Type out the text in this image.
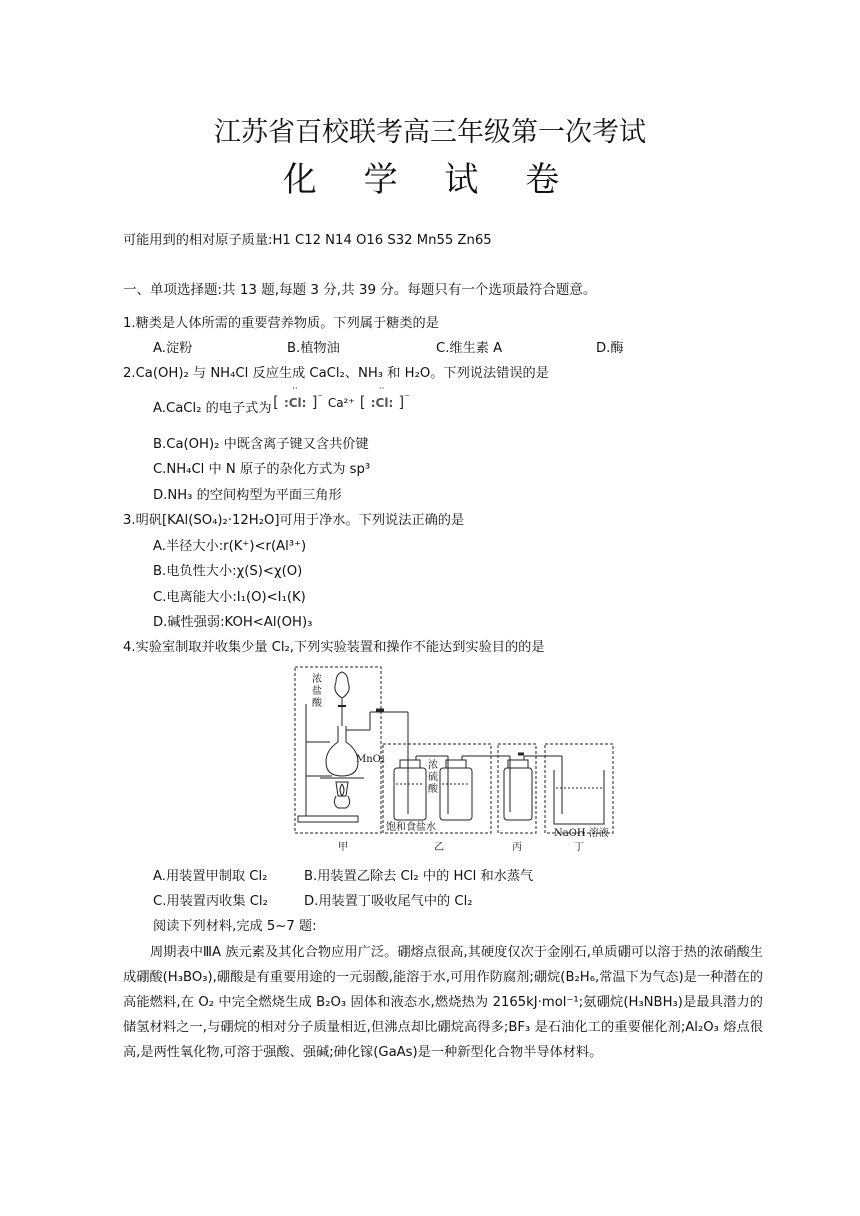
江苏省百校联考高三年级第一次考试
化 学 试 卷
可能用到的相对原子质量:H1 C12 N14 O16 S32 Mn55 Zn65
一、单项选择题:共 13 题,每题 3 分,共 39 分。每题只有一个选项最符合题意。
1.糖类是人体所需的重要营养物质。下列属于糖类的是
A.淀粉	B.植物油	C.维生素 A	D.酶
2.Ca(OH)₂ 与 NH₄Cl 反应生成 CaCl₂、NH₃ 和 H₂O。下列说法错误的是
A.CaCl₂ 的电子式为 [
··
:Cl: ]⁻ Ca²⁺ [
··
:Cl: ]⁻
B.Ca(OH)₂ 中既含离子键又含共价键
C.NH₄Cl 中 N 原子的杂化方式为 sp³
D.NH₃ 的空间构型为平面三角形
3.明矾[KAl(SO₄)₂·12H₂O]可用于净水。下列说法正确的是
A.半径大小:r(K⁺)<r(Al³⁺)
B.电负性大小:χ(S)<χ(O)
C.电离能大小:I₁(O)<I₁(K)
D.碱性强弱:KOH<Al(OH)₃
4.实验室制取并收集少量 Cl₂,下列实验装置和操作不能达到实验目的的是
浓
盐
酸
MnO₂
浓
硫
酸
饱和食盐水
NaOH 溶液
甲	乙	丙	丁
A.用装置甲制取 Cl₂	B.用装置乙除去 Cl₂ 中的 HCl 和水蒸气
C.用装置丙收集 Cl₂	D.用装置丁吸收尾气中的 Cl₂
阅读下列材料,完成 5~7 题:
周期表中ⅢA 族元素及其化合物应用广泛。硼熔点很高,其硬度仅次于金刚石,单质硼可以溶于热的浓硝酸生成硼酸(H₃BO₃),硼酸是有重要用途的一元弱酸,能溶于水,可用作防腐剂;硼烷(B₂H₆,常温下为气态)是一种潜在的高能燃料,在 O₂ 中完全燃烧生成 B₂O₃ 固体和液态水,燃烧热为 2165kJ·mol⁻¹;氨硼烷(H₃NBH₃)是最具潜力的储氢材料之一,与硼烷的相对分子质量相近,但沸点却比硼烷高得多;BF₃ 是石油化工的重要催化剂;Al₂O₃ 熔点很高,是两性氧化物,可溶于强酸、强碱;砷化镓(GaAs)是一种新型化合物半导体材料。
